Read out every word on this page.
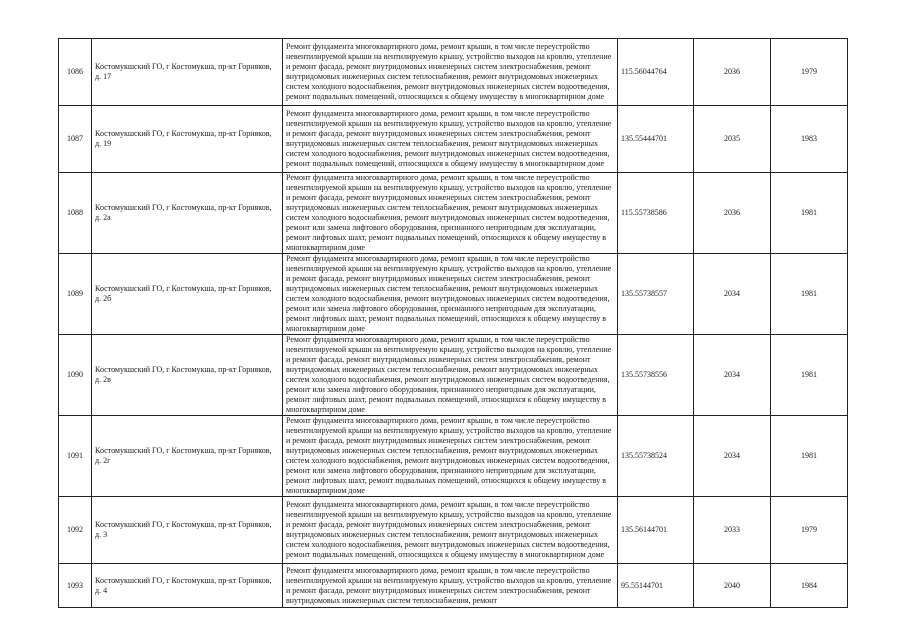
1086	Костомукшский ГО, г Костомукша, пр-кт Горняков, д. 17	Ремонт фундамента многоквартирного дома, ремонт крыши, в том числе переустройство невентилируемой крыши на вентилируемую крышу, устройство выходов на кровлю, утепление и ремонт фасада, ремонт внутридомовых инженерных систем электроснабжения, ремонт внутридомовых инженерных систем теплоснабжения, ремонт внутридомовых инженерных систем холодного водоснабжения, ремонт внутридомовых инженерных систем водоотведения, ремонт подвальных помещений, относящихся к общему имуществу в многоквартирном доме	115.56044764	2036	1979
1087	Костомукшский ГО, г Костомукша, пр-кт Горняков, д. 19	Ремонт фундамента многоквартирного дома, ремонт крыши, в том числе переустройство невентилируемой крыши на вентилируемую крышу, устройство выходов на кровлю, утепление и ремонт фасада, ремонт внутридомовых инженерных систем электроснабжения, ремонт внутридомовых инженерных систем теплоснабжения, ремонт внутридомовых инженерных систем холодного водоснабжения, ремонт внутридомовых инженерных систем водоотведения, ремонт подвальных помещений, относящихся к общему имуществу в многоквартирном доме	135.55444701	2035	1983
1088	Костомукшский ГО, г Костомукша, пр-кт Горняков, д. 2а	Ремонт фундамента многоквартирного дома, ремонт крыши, в том числе переустройство невентилируемой крыши на вентилируемую крышу, устройство выходов на кровлю, утепление и ремонт фасада, ремонт внутридомовых инженерных систем электроснабжения, ремонт внутридомовых инженерных систем теплоснабжения, ремонт внутридомовых инженерных систем холодного водоснабжения, ремонт внутридомовых инженерных систем водоотведения, ремонт или замена лифтового оборудования, признанного непригодным для эксплуатации, ремонт лифтовых шахт, ремонт подвальных помещений, относящихся к общему имуществу в многоквартирном доме	115.55738586	2036	1981
1089	Костомукшский ГО, г Костомукша, пр-кт Горняков, д. 2б	Ремонт фундамента многоквартирного дома, ремонт крыши, в том числе переустройство невентилируемой крыши на вентилируемую крышу, устройство выходов на кровлю, утепление и ремонт фасада, ремонт внутридомовых инженерных систем электроснабжения, ремонт внутридомовых инженерных систем теплоснабжения, ремонт внутридомовых инженерных систем холодного водоснабжения, ремонт внутридомовых инженерных систем водоотведения, ремонт или замена лифтового оборудования, признанного непригодным для эксплуатации, ремонт лифтовых шахт, ремонт подвальных помещений, относящихся к общему имуществу в многоквартирном доме	135.55738557	2034	1981
1090	Костомукшский ГО, г Костомукша, пр-кт Горняков, д. 2в	Ремонт фундамента многоквартирного дома, ремонт крыши, в том числе переустройство невентилируемой крыши на вентилируемую крышу, устройство выходов на кровлю, утепление и ремонт фасада, ремонт внутридомовых инженерных систем электроснабжения, ремонт внутридомовых инженерных систем теплоснабжения, ремонт внутридомовых инженерных систем холодного водоснабжения, ремонт внутридомовых инженерных систем водоотведения, ремонт или замена лифтового оборудования, признанного непригодным для эксплуатации, ремонт лифтовых шахт, ремонт подвальных помещений, относящихся к общему имуществу в многоквартирном доме	135.55738556	2034	1981
1091	Костомукшский ГО, г Костомукша, пр-кт Горняков, д. 2г	Ремонт фундамента многоквартирного дома, ремонт крыши, в том числе переустройство невентилируемой крыши на вентилируемую крышу, устройство выходов на кровлю, утепление и ремонт фасада, ремонт внутридомовых инженерных систем электроснабжения, ремонт внутридомовых инженерных систем теплоснабжения, ремонт внутридомовых инженерных систем холодного водоснабжения, ремонт внутридомовых инженерных систем водоотведения, ремонт или замена лифтового оборудования, признанного непригодным для эксплуатации, ремонт лифтовых шахт, ремонт подвальных помещений, относящихся к общему имуществу в многоквартирном доме	135.55738524	2034	1981
1092	Костомукшский ГО, г Костомукша, пр-кт Горняков, д. 3	Ремонт фундамента многоквартирного дома, ремонт крыши, в том числе переустройство невентилируемой крыши на вентилируемую крышу, устройство выходов на кровлю, утепление и ремонт фасада, ремонт внутридомовых инженерных систем электроснабжения, ремонт внутридомовых инженерных систем теплоснабжения, ремонт внутридомовых инженерных систем холодного водоснабжения, ремонт внутридомовых инженерных систем водоотведения, ремонт подвальных помещений, относящихся к общему имуществу в многоквартирном доме	135.56144701	2033	1979
1093	Костомукшский ГО, г Костомукша, пр-кт Горняков, д. 4	Ремонт фундамента многоквартирного дома, ремонт крыши, в том числе переустройство невентилируемой крыши на вентилируемую крышу, устройство выходов на кровлю, утепление и ремонт фасада, ремонт внутридомовых инженерных систем электроснабжения, ремонт внутридомовых инженерных систем теплоснабжения, ремонт	95.55144701	2040	1984
